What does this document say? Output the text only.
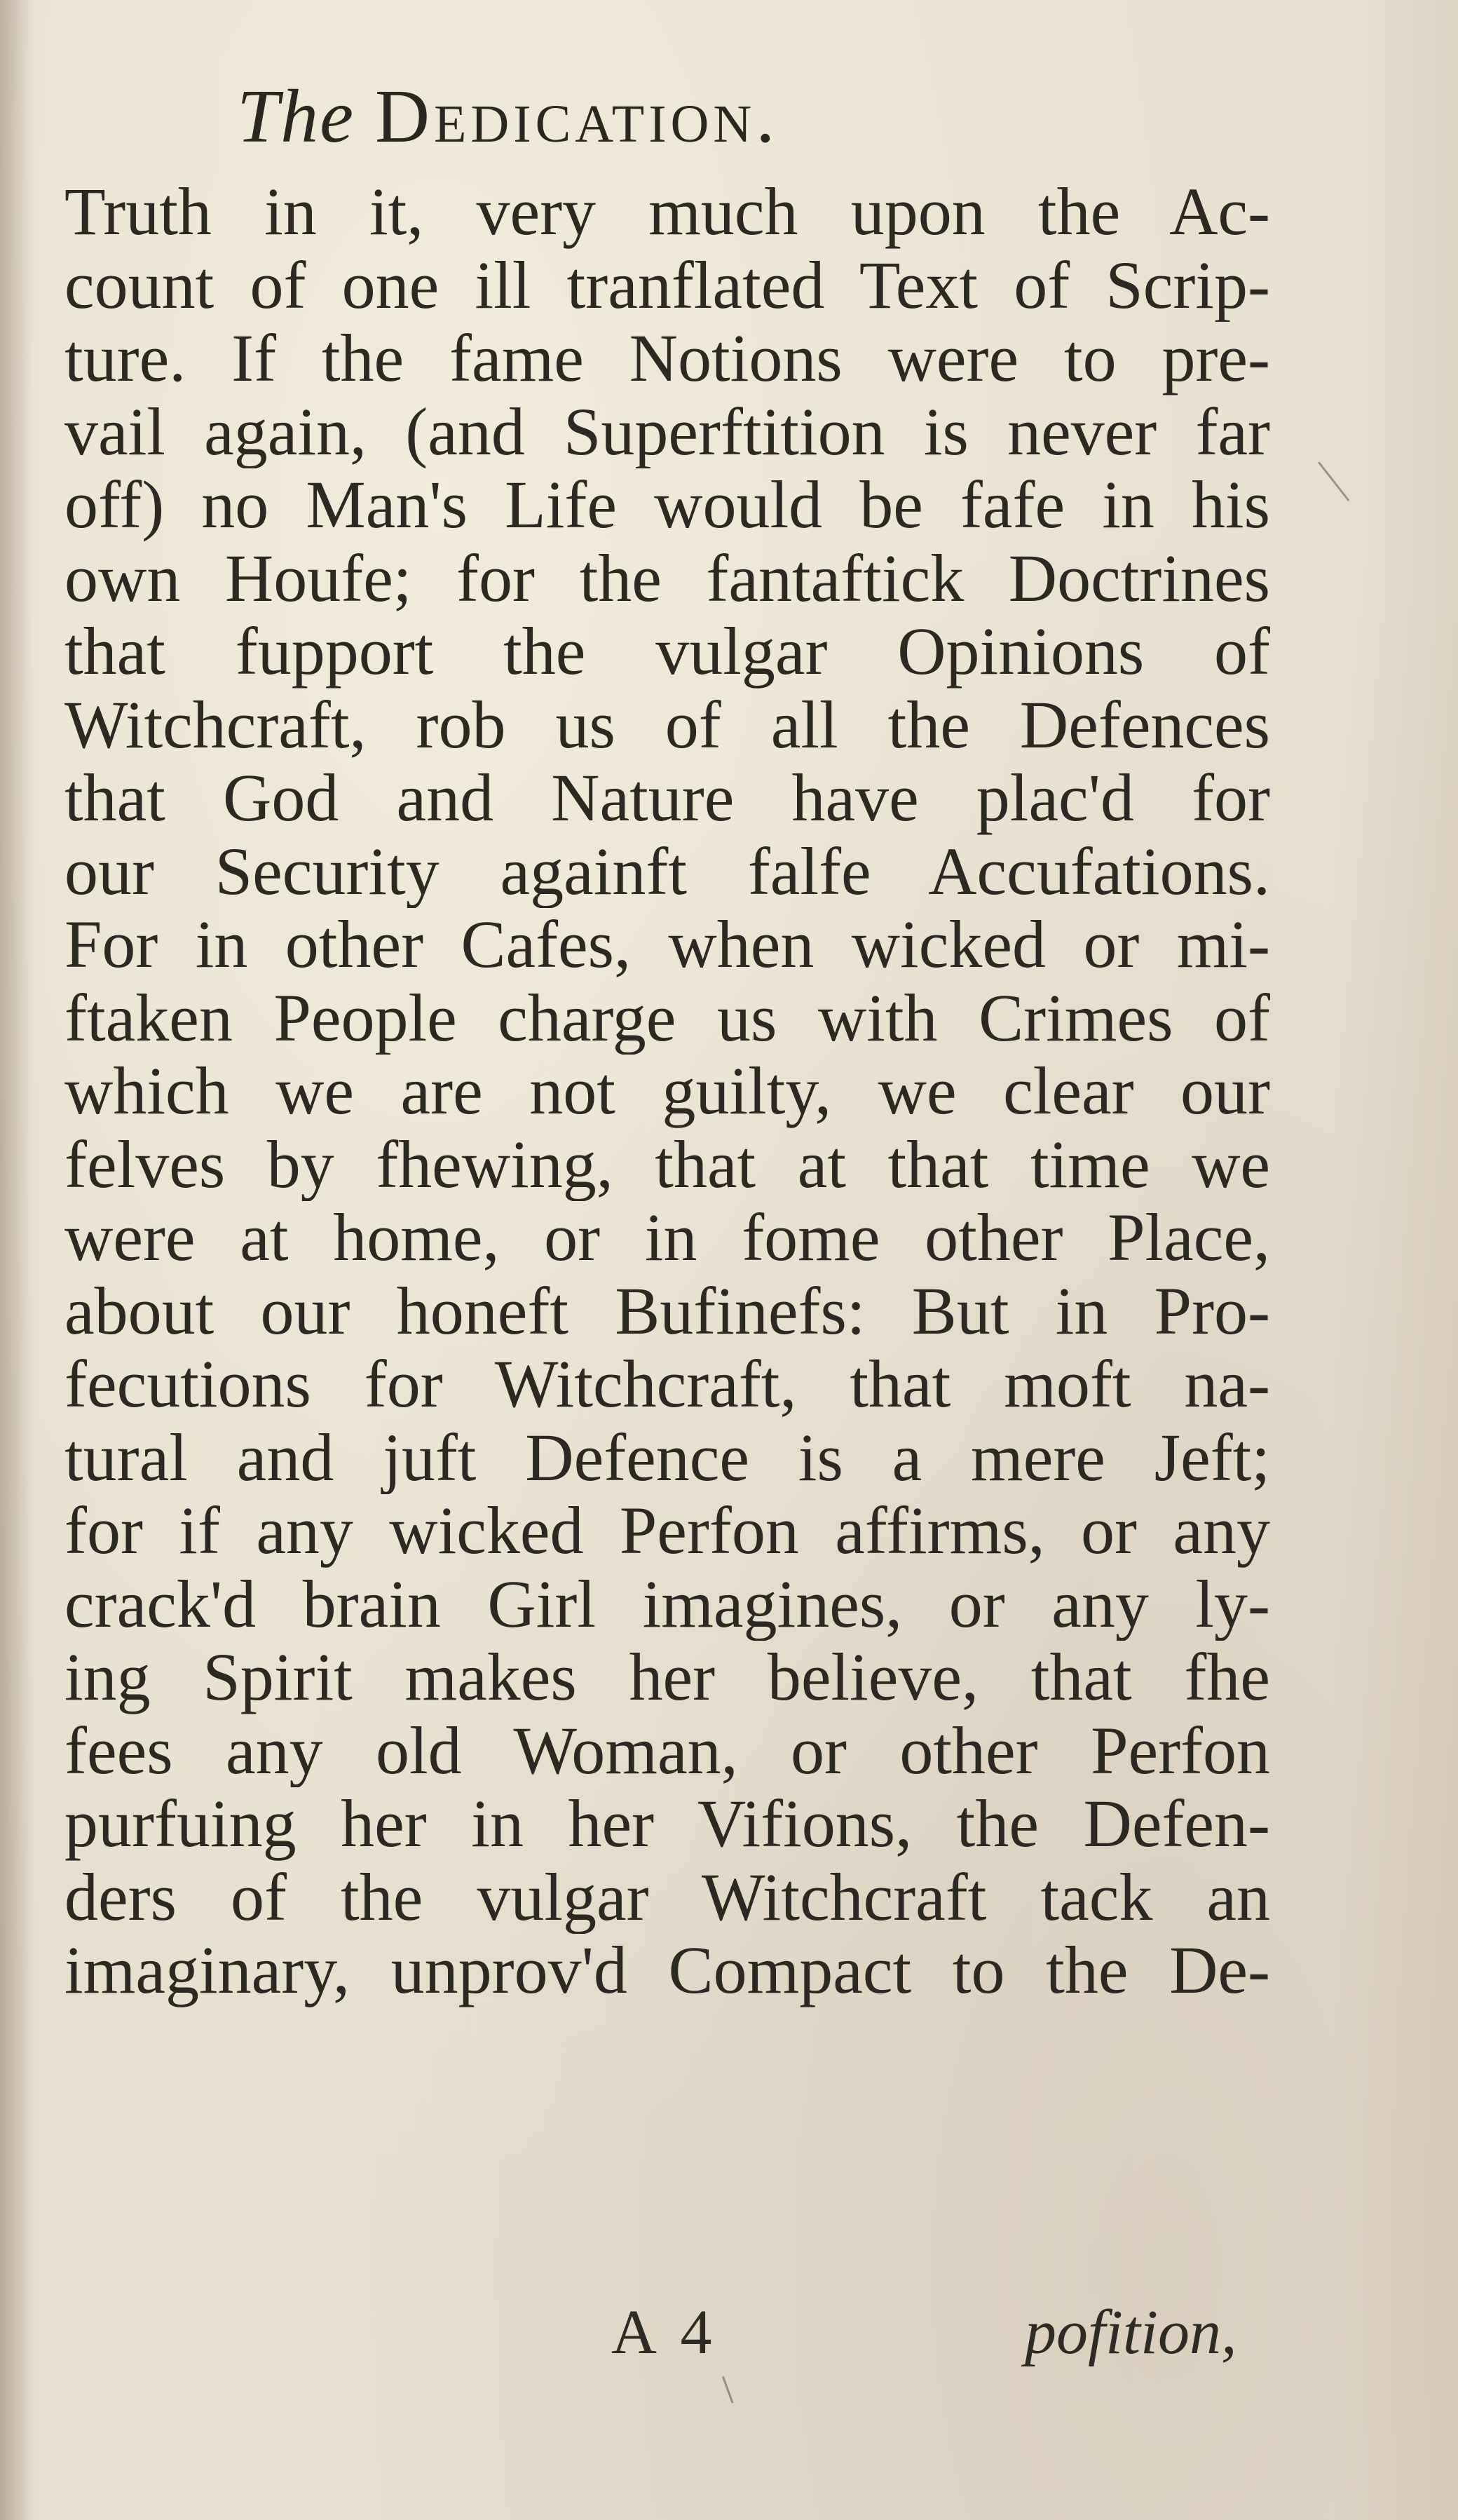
The Dedication.
Truth in it, very much upon the Ac-
count of one ill tranflated Text of Scrip-
ture. If the fame Notions were to pre-
vail again, (and Superftition is never far
off) no Man's Life would be fafe in his
own Houfe; for the fantaftick Doctrines
that fupport the vulgar Opinions of
Witchcraft, rob us of all the Defences
that God and Nature have plac'd for
our Security againft falfe Accufations.
For in other Cafes, when wicked or mi-
ftaken People charge us with Crimes of
which we are not guilty, we clear our
felves by fhewing, that at that time we
were at home, or in fome other Place,
about our honeft Bufinefs: But in Pro-
fecutions for Witchcraft, that moft na-
tural and juft Defence is a mere Jeft;
for if any wicked Perfon affirms, or any
crack'd brain Girl imagines, or any ly-
ing Spirit makes her believe, that fhe
fees any old Woman, or other Perfon
purfuing her in her Vifions, the Defen-
ders of the vulgar Witchcraft tack an
imaginary, unprov'd Compact to the De-
A 4	pofition,
